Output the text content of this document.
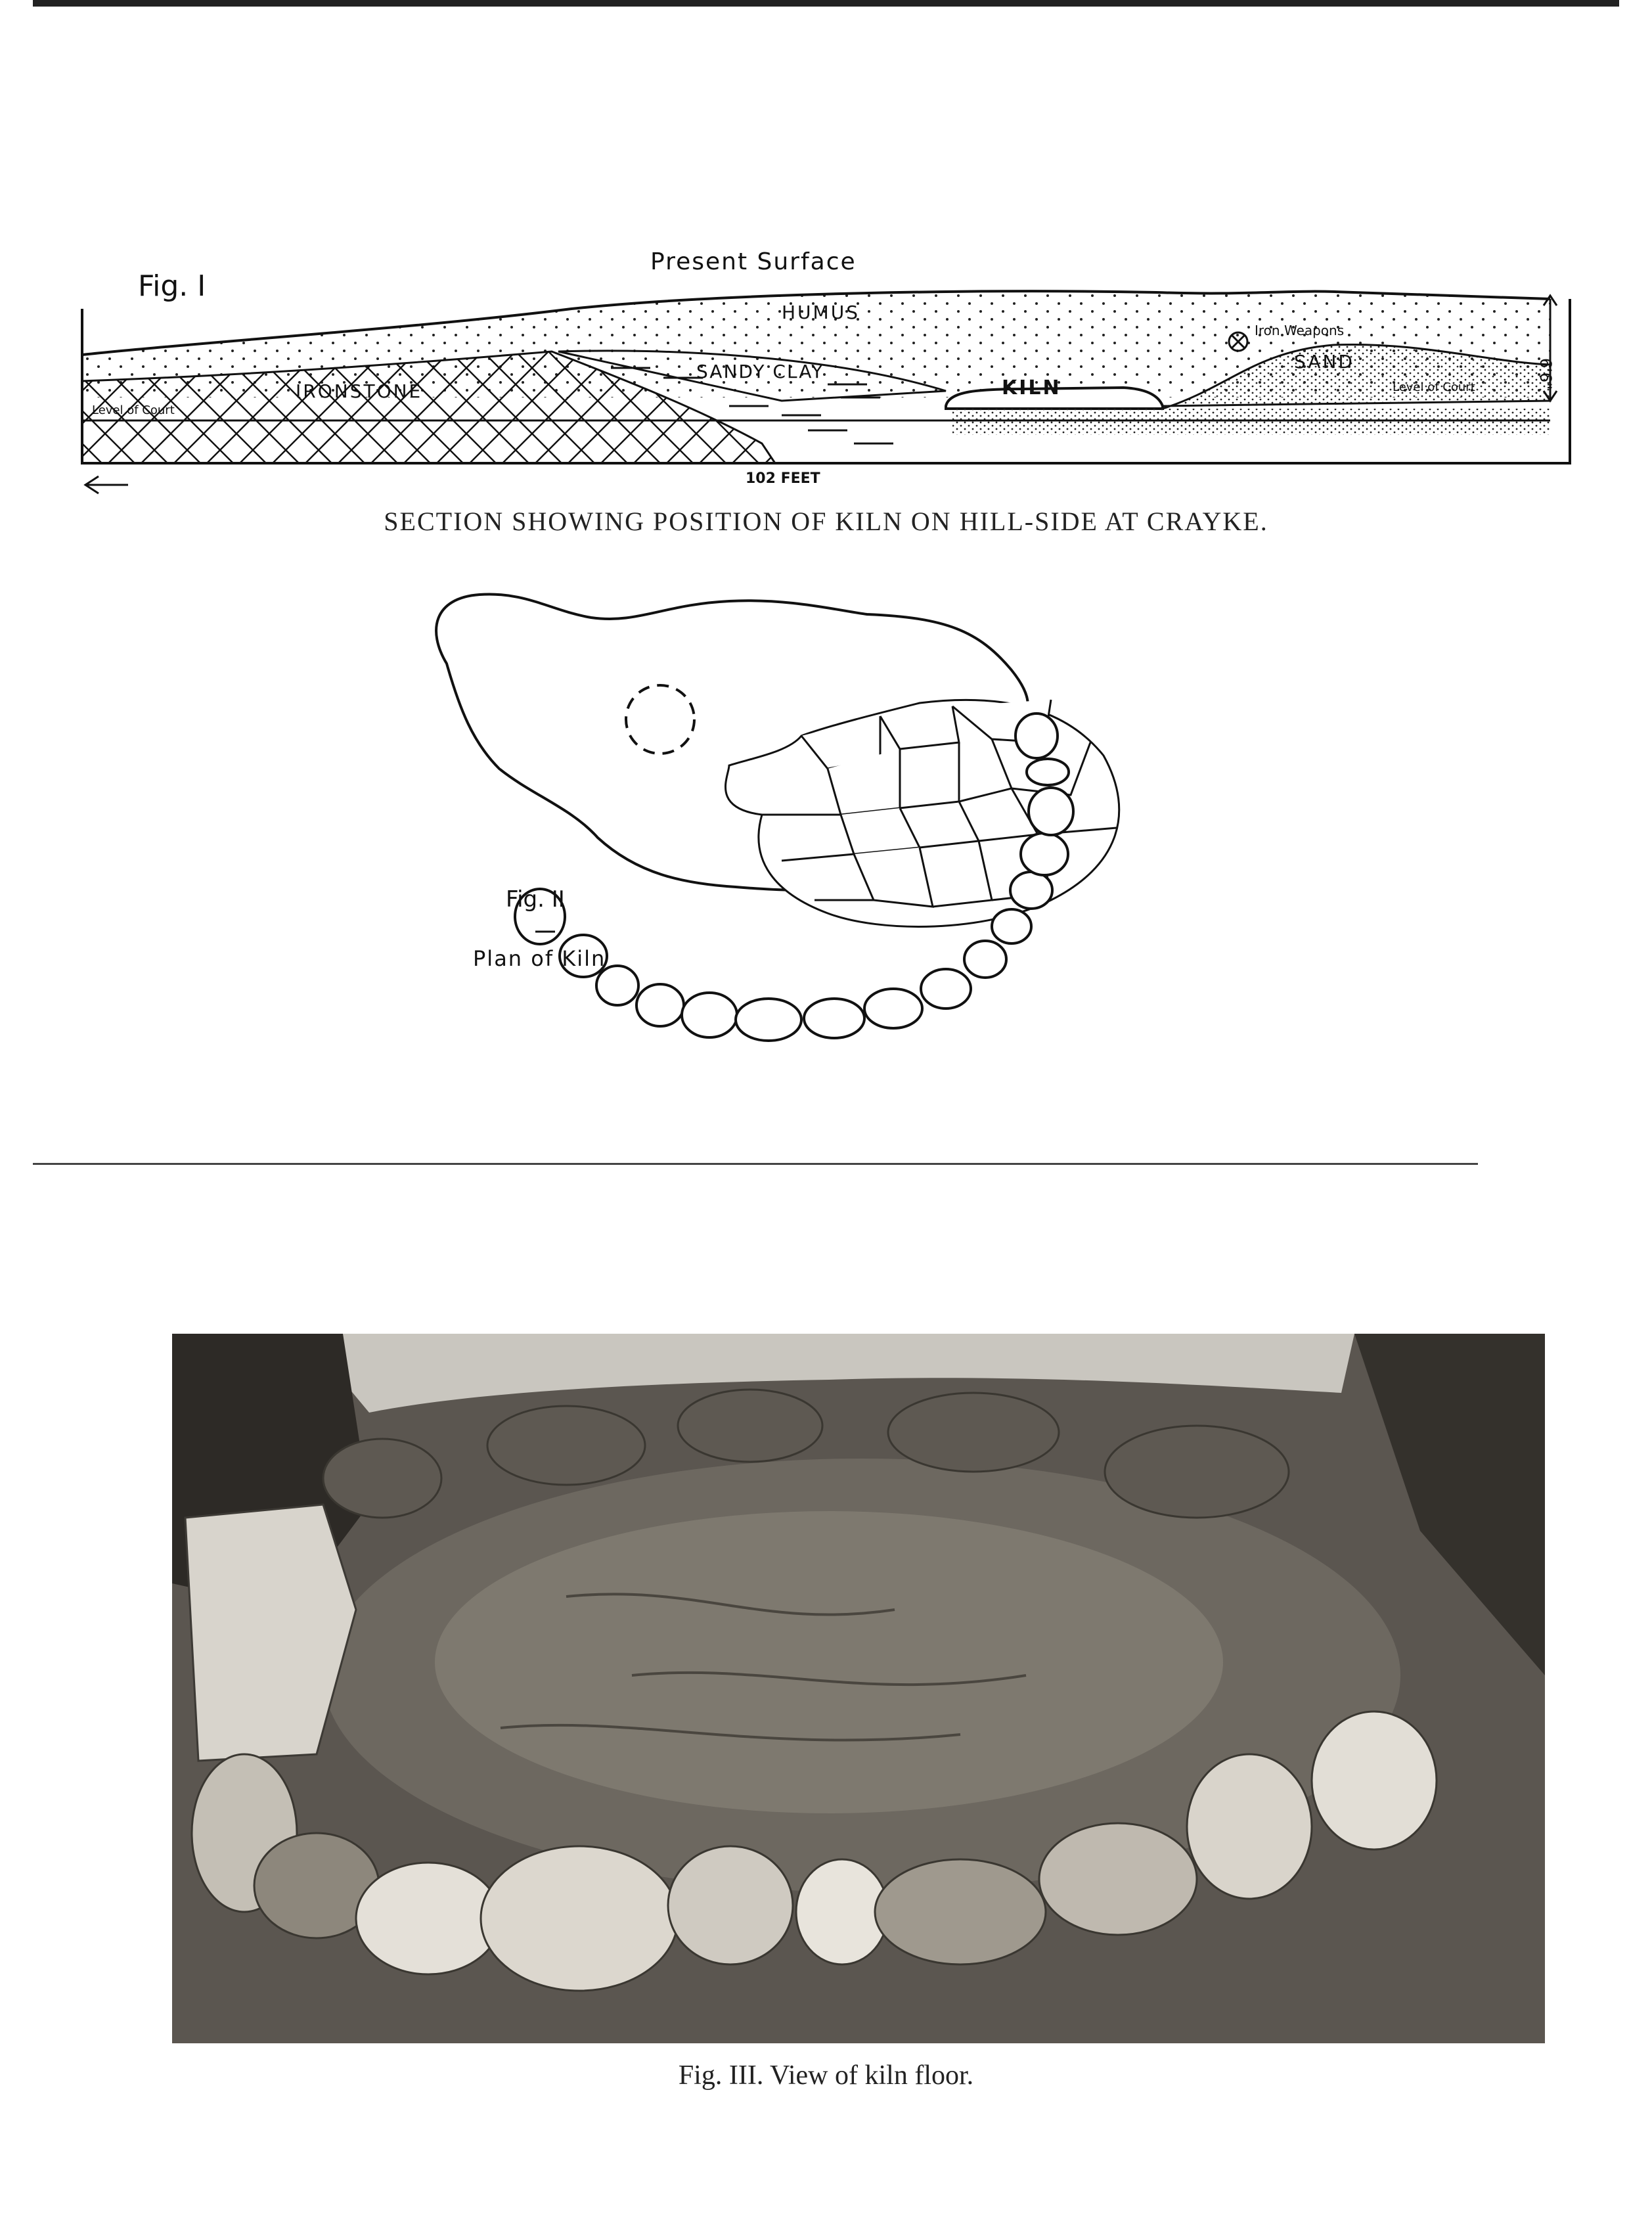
Fig. I
Present Surface
HUMUS
IRONSTONE
SANDY CLAY
KILN
SAND
Iron Weapons
Level of Court
Level of Court	6'6"
102 FEET
SECTION SHOWING POSITION OF KILN ON HILL-SIDE AT CRAYKE.
Fig. II
Plan of Kiln
Fig. III. View of kiln floor.
